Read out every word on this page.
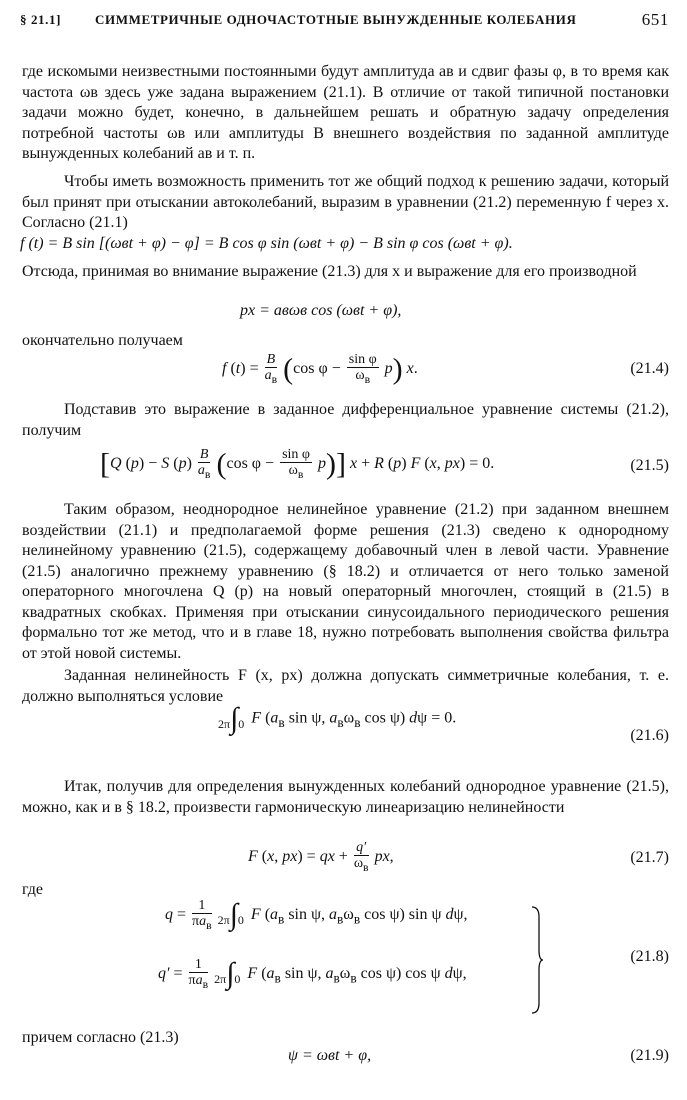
§ 21.1]	СИММЕТРИЧНЫЕ ОДНОЧАСТОТНЫЕ ВЫНУЖДЕННЫЕ КОЛЕБАНИЯ	651
где искомыми неизвестными постоянными будут амплитуда aв и сдвиг фазы φ, в то время как частота ωв здесь уже задана выражением (21.1). В отличие от такой типичной постановки задачи можно будет, конечно, в дальнейшем решать и обратную задачу определения потребной частоты ωв или амплитуды B внешнего воздействия по заданной амплитуде вынужденных колебаний aв и т. п.
Чтобы иметь возможность применить тот же общий подход к решению задачи, который был принят при отыскании автоколебаний, выразим в уравнении (21.2) переменную f через x. Согласно (21.1)
f (t) = B sin [(ωвt + φ) − φ] = B cos φ sin (ωвt + φ) − B sin φ cos (ωвt + φ).
Отсюда, принимая во внимание выражение (21.3) для x и выражение для его производной
px = aвωв cos (ωвt + φ),
окончательно получаем
f $(t) = \frac{B}{a_в} (\cos$ $\varphi - \frac{\text{sin φ}}{\omega_в} p$) x.	(21.4)
Подставив это выражение в заданное дифференциальное уравнение системы (21.2), получим
[Q (p) − S $(p) \frac{B}{a_в} (\cos$ $\varphi - \frac{\text{sin φ}}{\omega_в} p$)] x + R (p) F (x, px) = 0.	(21.5)
Таким образом, неоднородное нелинейное уравнение (21.2) при заданном внешнем воздействии (21.1) и предполагаемой форме решения (21.3) сведено к однородному нелинейному уравнению (21.5), содержащему добавочный член в левой части. Уравнение (21.5) аналогично прежнему уравнению (§ 18.2) и отличается от него только заменой операторного многочлена Q (p) на новый операторный многочлен, стоящий в (21.5) в квадратных скобках. Применяя при отыскании синусоидального периодического решения формально тот же метод, что и в главе 18, нужно потребовать выполнения свойства фильтра от этой новой системы.
Заданная нелинейность F (x, px) должна допускать симметричные колебания, т. е. должно выполняться условие
2π∫0 F ($a_в$ sin ψ, $a_в\omega_в$ cos ψ) dψ = 0.
(21.6)
Итак, получив для определения вынужденных колебаний однородное уравнение (21.5), можно, как и в § 18.2, произвести гармоническую линеаризацию нелинейности
F (x, px) = qx + $\frac{q'}{\omega_в}$ px,	(21.7)
где
$q = \frac{1}{\pi a_в} 2\pi\int 0$ F ($a_в$ sin ψ, $a_в\omega_в$ cos ψ) sin ψ dψ,
(21.8)
$q' = \frac{1}{\pi a_в} 2\pi\int 0$ F ($a_в$ sin ψ, $a_в\omega_в$ cos ψ) cos ψ dψ,
причем согласно (21.3)
ψ = ωвt + φ,	(21.9)
